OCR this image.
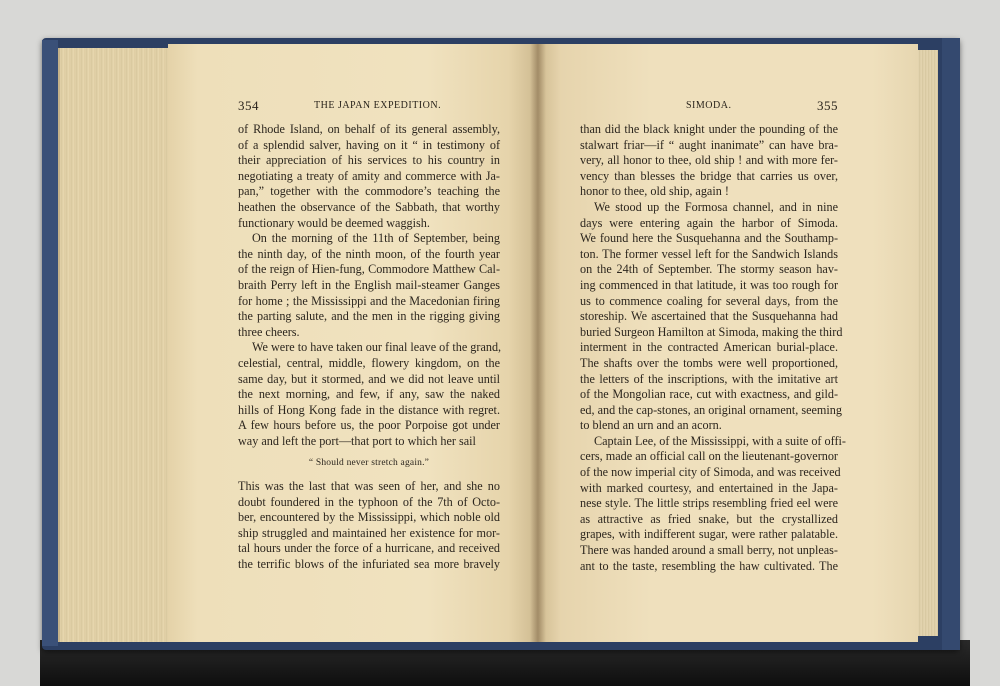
354	THE JAPAN EXPEDITION.
of Rhode Island, on behalf of its general assembly,
of a splendid salver, having on it “ in testimony of
their appreciation of his services to his country in
negotiating a treaty of amity and commerce with Ja-
pan,” together with the commodore’s teaching the
heathen the observance of the Sabbath, that worthy
functionary would be deemed waggish.
On the morning of the 11th of September, being
the ninth day, of the ninth moon, of the fourth year
of the reign of Hien-fung, Commodore Matthew Cal-
braith Perry left in the English mail-steamer Ganges
for home ; the Mississippi and the Macedonian firing
the parting salute, and the men in the rigging giving
three cheers.
We were to have taken our final leave of the grand,
celestial, central, middle, flowery kingdom, on the
same day, but it stormed, and we did not leave until
the next morning, and few, if any, saw the naked
hills of Hong Kong fade in the distance with regret.
A few hours before us, the poor Porpoise got under
way and left the port—that port to which her sail
“ Should never stretch again.”
This was the last that was seen of her, and she no
doubt foundered in the typhoon of the 7th of Octo-
ber, encountered by the Mississippi, which noble old
ship struggled and maintained her existence for mor-
tal hours under the force of a hurricane, and received
the terrific blows of the infuriated sea more bravely
SIMODA.	355
than did the black knight under the pounding of the
stalwart friar—if “ aught inanimate” can have bra-
very, all honor to thee, old ship ! and with more fer-
vency than blesses the bridge that carries us over,
honor to thee, old ship, again !
We stood up the Formosa channel, and in nine
days were entering again the harbor of Simoda.
We found here the Susquehanna and the Southamp-
ton. The former vessel left for the Sandwich Islands
on the 24th of September. The stormy season hav-
ing commenced in that latitude, it was too rough for
us to commence coaling for several days, from the
storeship. We ascertained that the Susquehanna had
buried Surgeon Hamilton at Simoda, making the third
interment in the contracted American burial-place.
The shafts over the tombs were well proportioned,
the letters of the inscriptions, with the imitative art
of the Mongolian race, cut with exactness, and gild-
ed, and the cap-stones, an original ornament, seeming
to blend an urn and an acorn.
Captain Lee, of the Mississippi, with a suite of offi-
cers, made an official call on the lieutenant-governor
of the now imperial city of Simoda, and was received
with marked courtesy, and entertained in the Japa-
nese style. The little strips resembling fried eel were
as attractive as fried snake, but the crystallized
grapes, with indifferent sugar, were rather palatable.
There was handed around a small berry, not unpleas-
ant to the taste, resembling the haw cultivated. The
